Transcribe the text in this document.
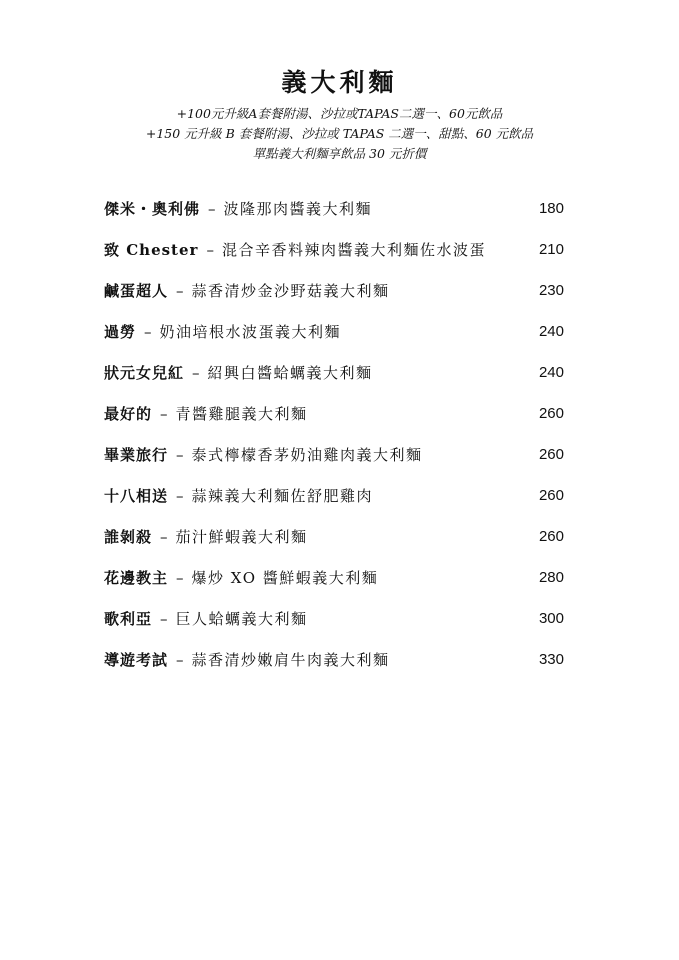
義大利麵

+100元升級A套餐附湯、沙拉或TAPAS二選一、60元飲品

+150 元升級 B 套餐附湯、沙拉或 TAPAS 二選一、甜點、60 元飲品

單點義大利麵享飲品 30 元折價

傑米・奧利佛 – 波隆那肉醬義大利麵	180
致 Chester – 混合辛香料辣肉醬義大利麵佐水波蛋	210
鹹蛋超人 – 蒜香清炒金沙野菇義大利麵	230
過勞 – 奶油培根水波蛋義大利麵	240
狀元女兒紅 – 紹興白醬蛤蠣義大利麵	240
最好的 – 青醬雞腿義大利麵	260
畢業旅行 – 泰式檸檬香茅奶油雞肉義大利麵	260
十八相送 – 蒜辣義大利麵佐舒肥雞肉	260
誰剝殺 – 茄汁鮮蝦義大利麵	260
花邊教主 – 爆炒 XO 醬鮮蝦義大利麵	280
歌利亞 – 巨人蛤蠣義大利麵	300
導遊考試 – 蒜香清炒嫩肩牛肉義大利麵	330
